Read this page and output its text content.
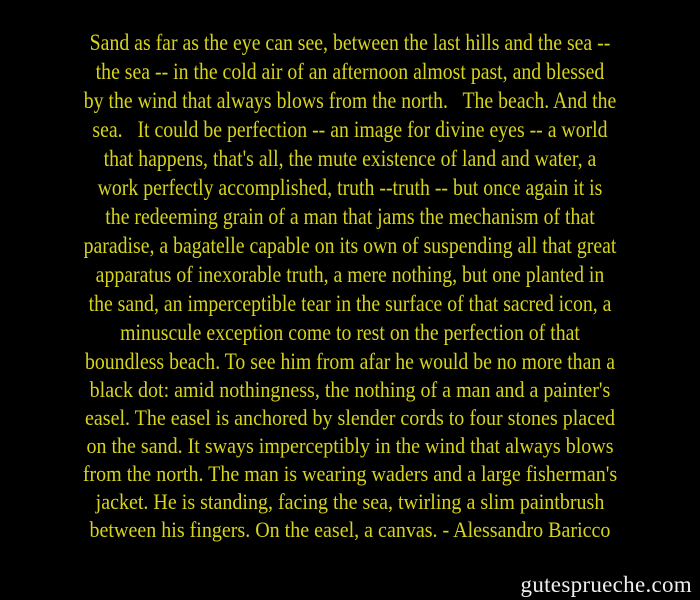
Sand as far as the eye can see, between the last hills and the sea --
the sea -- in the cold air of an afternoon almost past, and blessed
by the wind that always blows from the north.   The beach. And the
sea.   It could be perfection -- an image for divine eyes -- a world
that happens, that's all, the mute existence of land and water, a
work perfectly accomplished, truth --truth -- but once again it is
the redeeming grain of a man that jams the mechanism of that
paradise, a bagatelle capable on its own of suspending all that great
apparatus of inexorable truth, a mere nothing, but one planted in
the sand, an imperceptible tear in the surface of that sacred icon, a
minuscule exception come to rest on the perfection of that
boundless beach. To see him from afar he would be no more than a
black dot: amid nothingness, the nothing of a man and a painter's
easel. The easel is anchored by slender cords to four stones placed
on the sand. It sways imperceptibly in the wind that always blows
from the north. The man is wearing waders and a large fisherman's
jacket. He is standing, facing the sea, twirling a slim paintbrush
between his fingers. On the easel, a canvas. - Alessandro Baricco
gutesprueche.com
